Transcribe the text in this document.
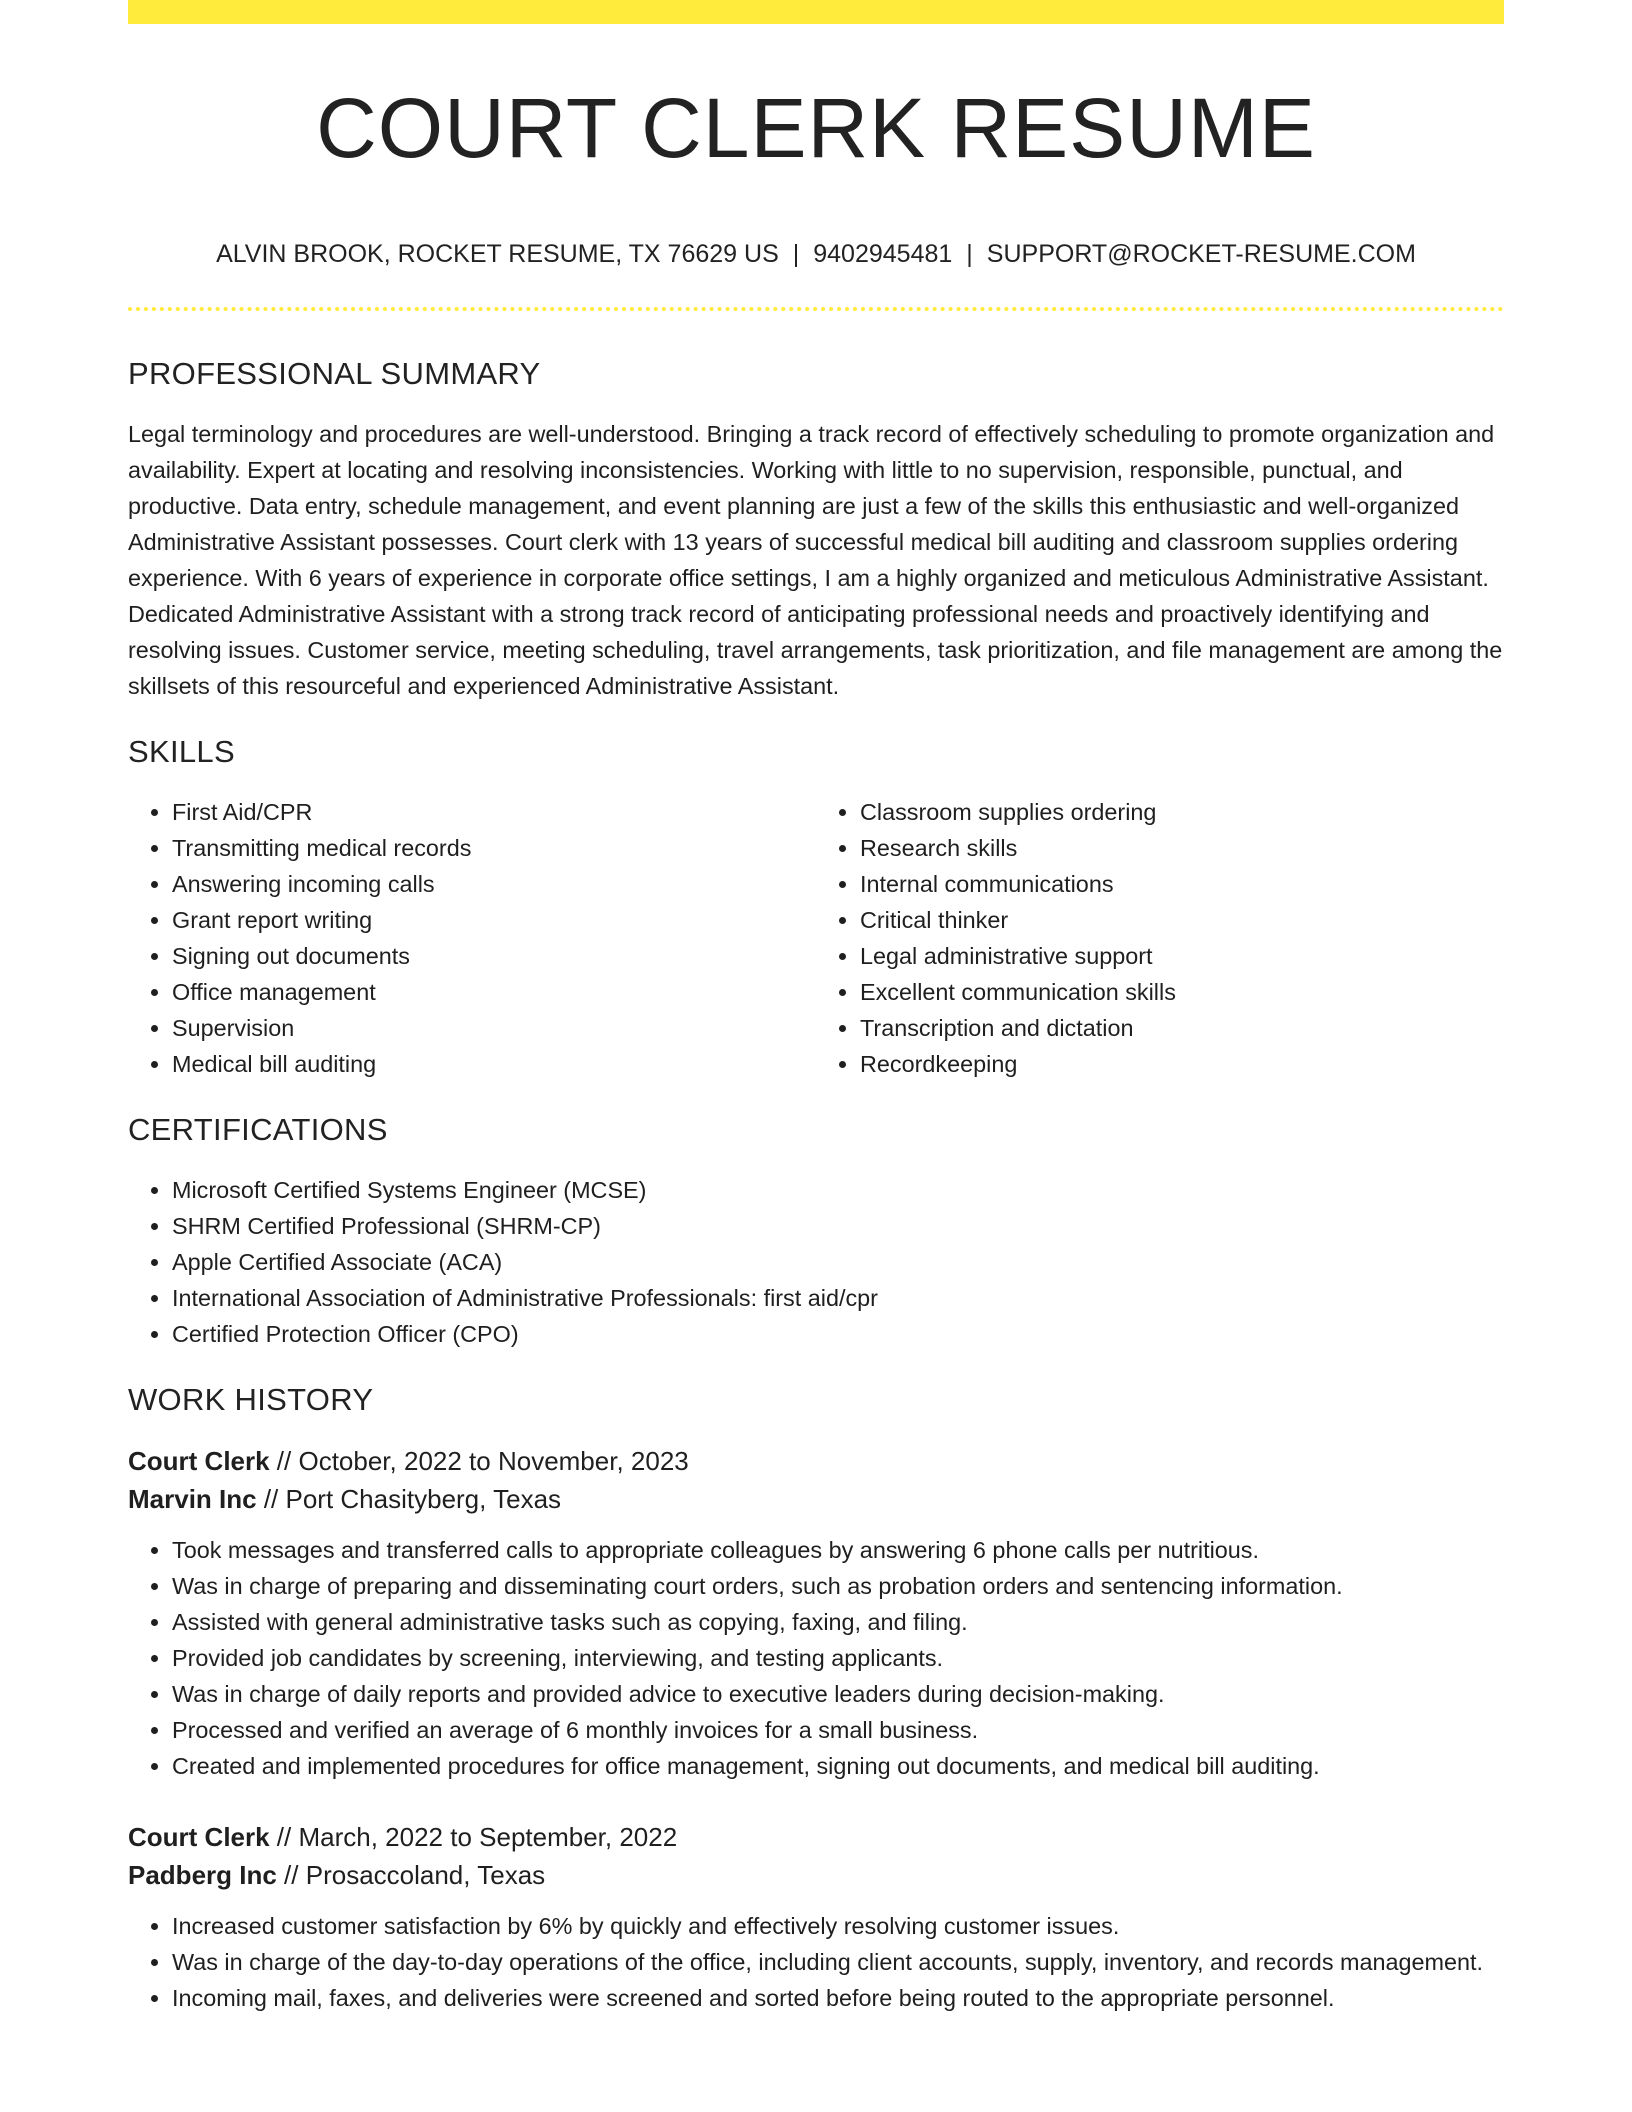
COURT CLERK RESUME
ALVIN BROOK, ROCKET RESUME, TX 76629 US | 9402945481 | SUPPORT@ROCKET-RESUME.COM
PROFESSIONAL SUMMARY

Legal terminology and procedures are well-understood. Bringing a track record of effectively scheduling to promote organization and availability. Expert at locating and resolving inconsistencies. Working with little to no supervision, responsible, punctual, and productive. Data entry, schedule management, and event planning are just a few of the skills this enthusiastic and well-organized Administrative Assistant possesses. Court clerk with 13 years of successful medical bill auditing and classroom supplies ordering experience. With 6 years of experience in corporate office settings, I am a highly organized and meticulous Administrative Assistant. Dedicated Administrative Assistant with a strong track record of anticipating professional needs and proactively identifying and resolving issues. Customer service, meeting scheduling, travel arrangements, task prioritization, and file management are among the skillsets of this resourceful and experienced Administrative Assistant.

SKILLS
• First Aid/CPR
• Transmitting medical records
• Answering incoming calls
• Grant report writing
• Signing out documents
• Office management
• Supervision
• Medical bill auditing
• Classroom supplies ordering
• Research skills
• Internal communications
• Critical thinker
• Legal administrative support
• Excellent communication skills
• Transcription and dictation
• Recordkeeping
CERTIFICATIONS
• Microsoft Certified Systems Engineer (MCSE)
• SHRM Certified Professional (SHRM-CP)
• Apple Certified Associate (ACA)
• International Association of Administrative Professionals: first aid/cpr
• Certified Protection Officer (CPO)
WORK HISTORY
Court Clerk // October, 2022 to November, 2023
Marvin Inc // Port Chasityberg, Texas
• Took messages and transferred calls to appropriate colleagues by answering 6 phone calls per nutritious.
• Was in charge of preparing and disseminating court orders, such as probation orders and sentencing information.
• Assisted with general administrative tasks such as copying, faxing, and filing.
• Provided job candidates by screening, interviewing, and testing applicants.
• Was in charge of daily reports and provided advice to executive leaders during decision-making.
• Processed and verified an average of 6 monthly invoices for a small business.
• Created and implemented procedures for office management, signing out documents, and medical bill auditing.
Court Clerk // March, 2022 to September, 2022
Padberg Inc // Prosaccoland, Texas
• Increased customer satisfaction by 6% by quickly and effectively resolving customer issues.
• Was in charge of the day-to-day operations of the office, including client accounts, supply, inventory, and records management.
• Incoming mail, faxes, and deliveries were screened and sorted before being routed to the appropriate personnel.
